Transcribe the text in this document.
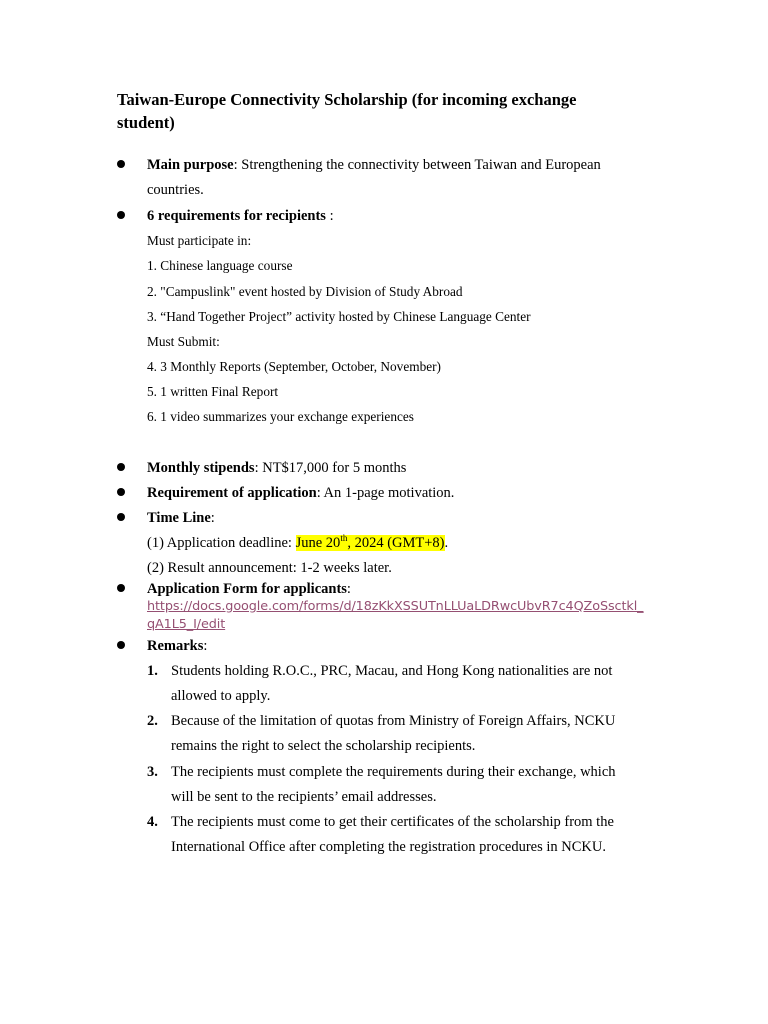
Taiwan-Europe Connectivity Scholarship (for incoming exchange student)
Main purpose: Strengthening the connectivity between Taiwan and European
countries.
6 requirements for recipients :
Must participate in:
1. Chinese language course
2. "Campuslink" event hosted by Division of Study Abroad
3. “Hand Together Project” activity hosted by Chinese Language Center
Must Submit:
4. 3 Monthly Reports (September, October, November)
5. 1 written Final Report
6. 1 video summarizes your exchange experiences
Monthly stipends: NT$17,000 for 5 months
Requirement of application: An 1-page motivation.
Time Line:
(1) Application deadline: June 20th, 2024 (GMT+8).
(2) Result announcement: 1-2 weeks later.
Application Form for applicants:
https://docs.google.com/forms/d/18zKkXSSUTnLLUaLDRwcUbvR7c4QZoSsctkl_
qA1L5_I/edit
Remarks:
1. Students holding R.O.C., PRC, Macau, and Hong Kong nationalities are not
allowed to apply.
2. Because of the limitation of quotas from Ministry of Foreign Affairs, NCKU
remains the right to select the scholarship recipients.
3. The recipients must complete the requirements during their exchange, which
will be sent to the recipients’ email addresses.
4. The recipients must come to get their certificates of the scholarship from the
International Office after completing the registration procedures in NCKU.
